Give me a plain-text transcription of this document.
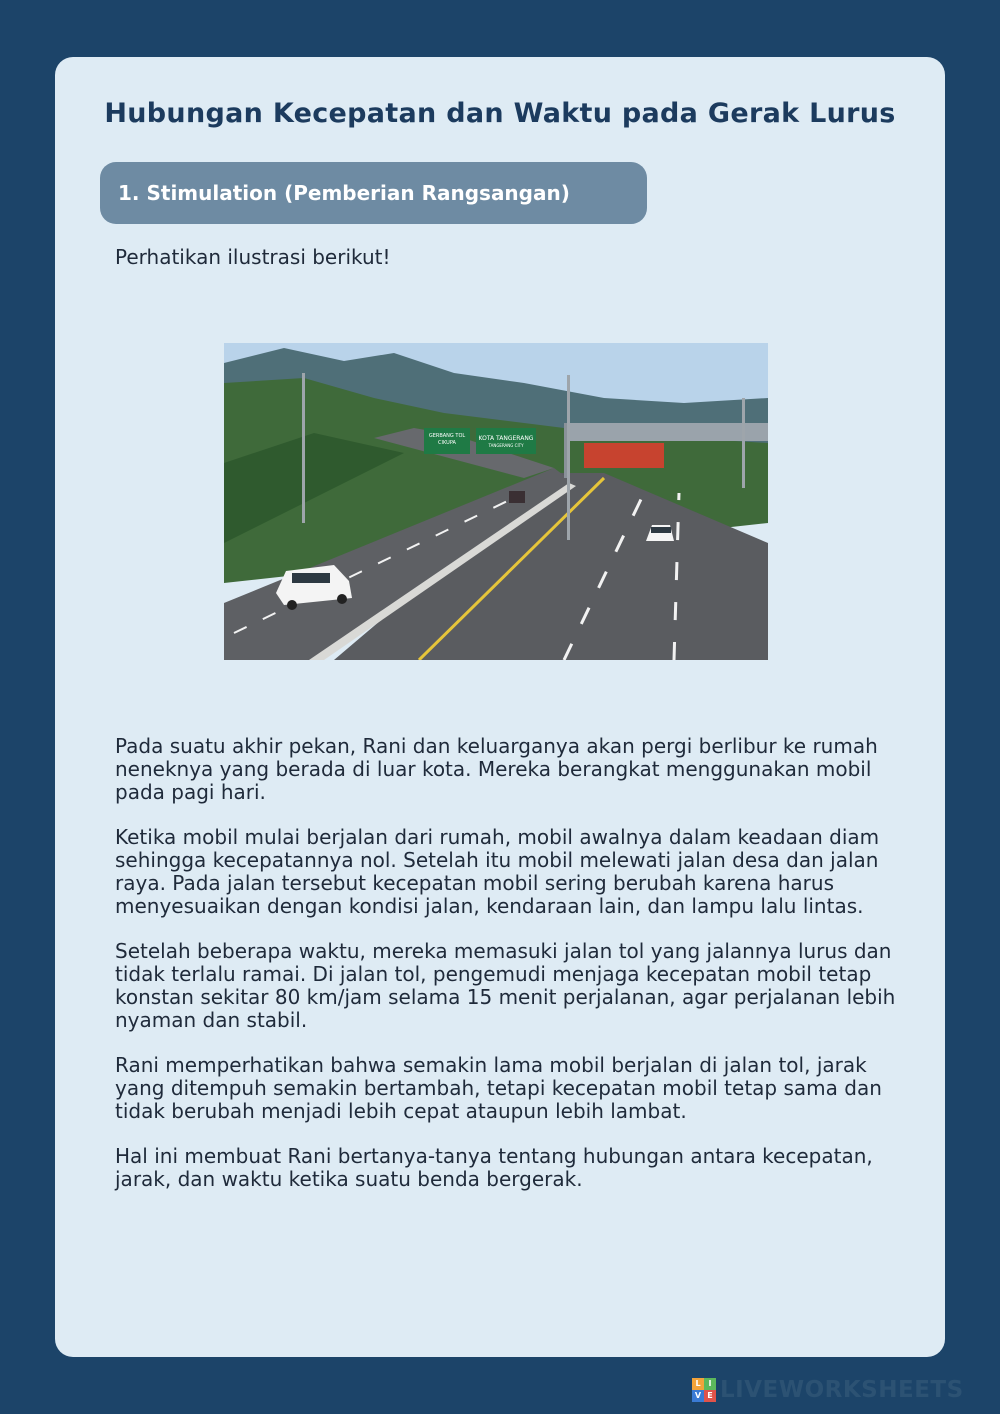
Hubungan Kecepatan dan Waktu pada Gerak Lurus
1. Stimulation (Pemberian Rangsangan)
Perhatikan ilustrasi berikut!
GERBANG TOL
CIKUPA
KOTA TANGERANG
TANGERANG CITY

Pada suatu akhir pekan, Rani dan keluarganya akan pergi berlibur ke rumah neneknya yang berada di luar kota. Mereka berangkat menggunakan mobil pada pagi hari.

Ketika mobil mulai berjalan dari rumah, mobil awalnya dalam keadaan diam sehingga kecepatannya nol. Setelah itu mobil melewati jalan desa dan jalan raya. Pada jalan tersebut kecepatan mobil sering berubah karena harus menyesuaikan dengan kondisi jalan, kendaraan lain, dan lampu lalu lintas.

Setelah beberapa waktu, mereka memasuki jalan tol yang jalannya lurus dan tidak terlalu ramai. Di jalan tol, pengemudi menjaga kecepatan mobil tetap konstan sekitar 80 km/jam selama 15 menit perjalanan, agar perjalanan lebih nyaman dan stabil.

Rani memperhatikan bahwa semakin lama mobil berjalan di jalan tol, jarak yang ditempuh semakin bertambah, tetapi kecepatan mobil tetap sama dan tidak berubah menjadi lebih cepat ataupun lebih lambat.

Hal ini membuat Rani bertanya-tanya tentang hubungan antara kecepatan, jarak, dan waktu ketika suatu benda bergerak.

L I
V E LIVEWORKSHEETS
